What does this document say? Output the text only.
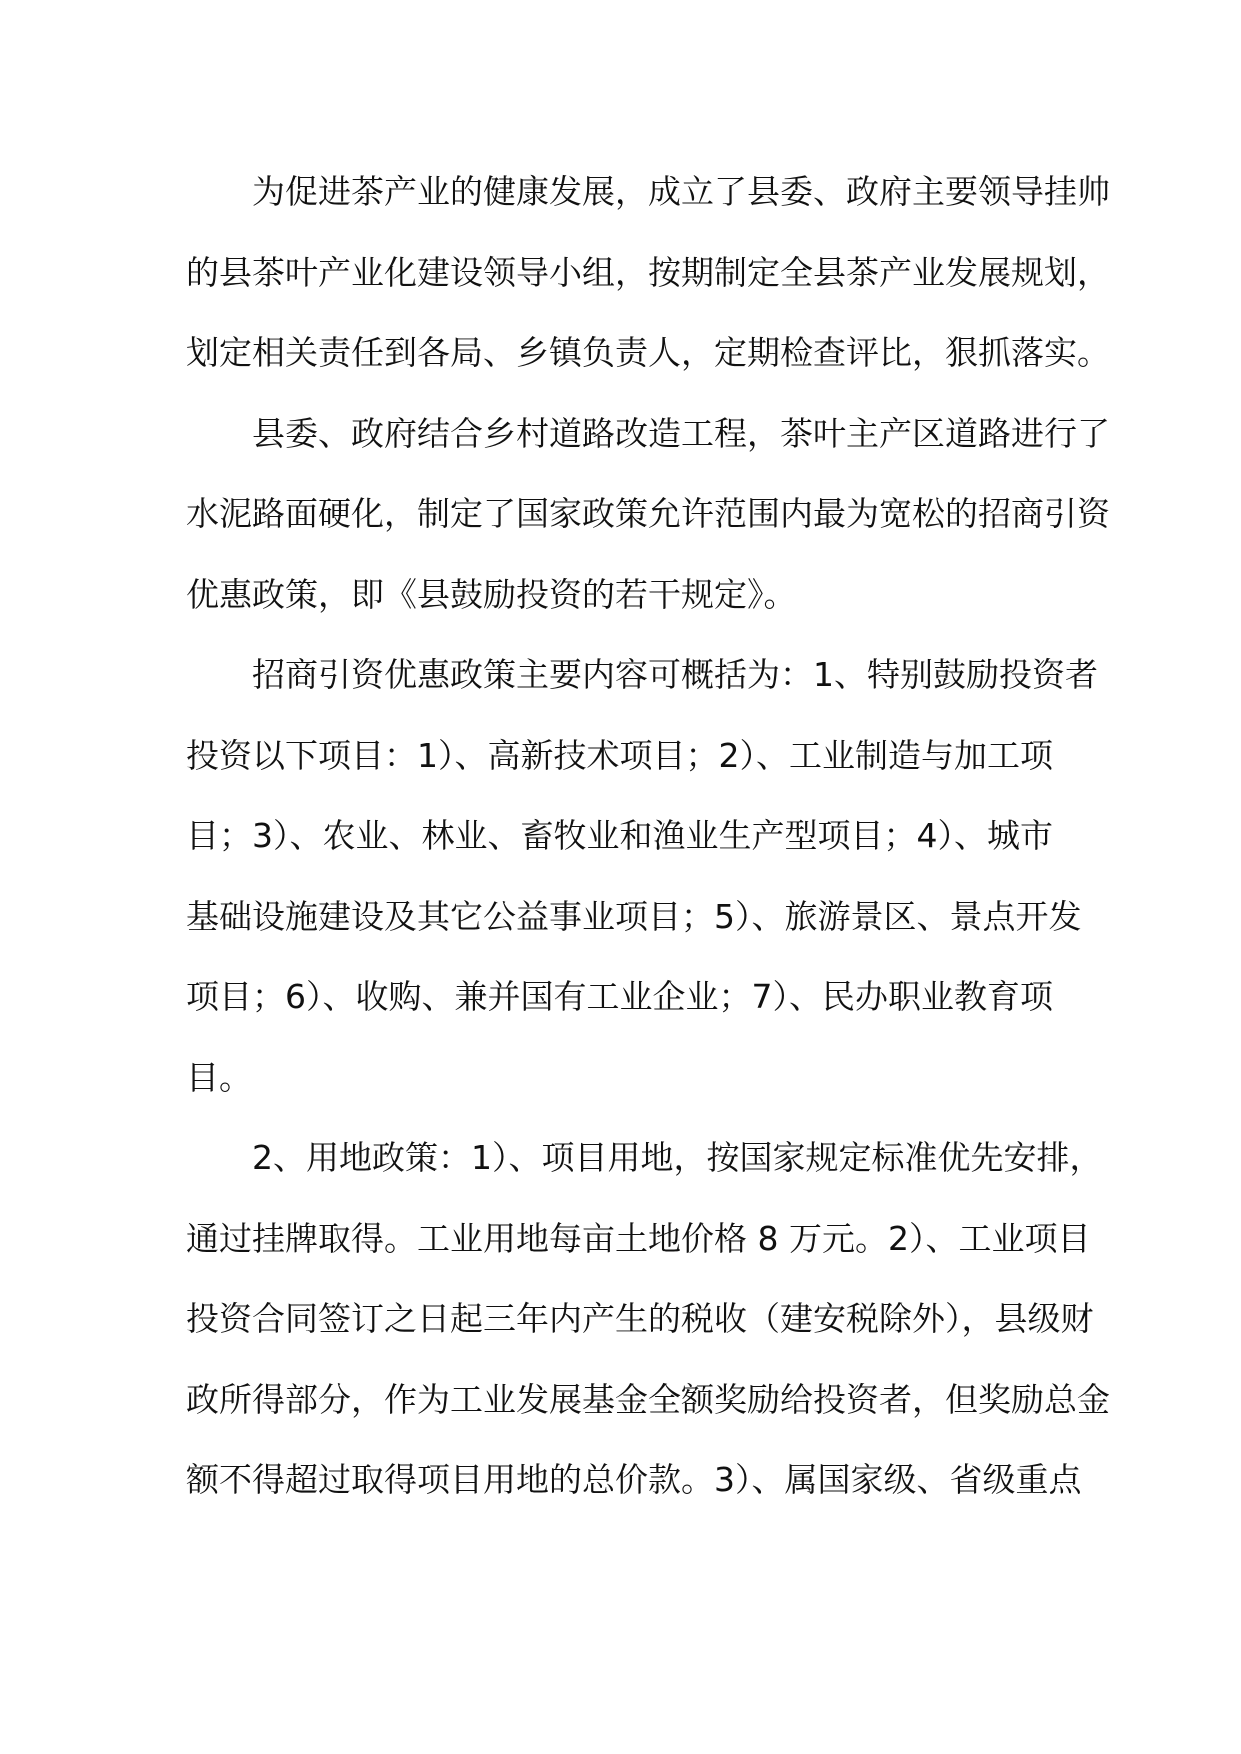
为促进茶产业的健康发展，成立了县委、政府主要领导挂帅
的县茶叶产业化建设领导小组，按期制定全县茶产业发展规划，
划定相关责任到各局、乡镇负责人，定期检查评比，狠抓落实。
县委、政府结合乡村道路改造工程，茶叶主产区道路进行了
水泥路面硬化，制定了国家政策允许范围内最为宽松的招商引资
优惠政策，即《县鼓励投资的若干规定》。
招商引资优惠政策主要内容可概括为：1、特别鼓励投资者
投资以下项目：1）、高新技术项目；2）、工业制造与加工项
目；3）、农业、林业、畜牧业和渔业生产型项目；4）、城市
基础设施建设及其它公益事业项目；5）、旅游景区、景点开发
项目；6）、收购、兼并国有工业企业；7）、民办职业教育项
目。
2、用地政策：1）、项目用地，按国家规定标准优先安排，
通过挂牌取得。工业用地每亩土地价格 8 万元。2）、工业项目
投资合同签订之日起三年内产生的税收（建安税除外），县级财
政所得部分，作为工业发展基金全额奖励给投资者，但奖励总金
额不得超过取得项目用地的总价款。3）、属国家级、省级重点
